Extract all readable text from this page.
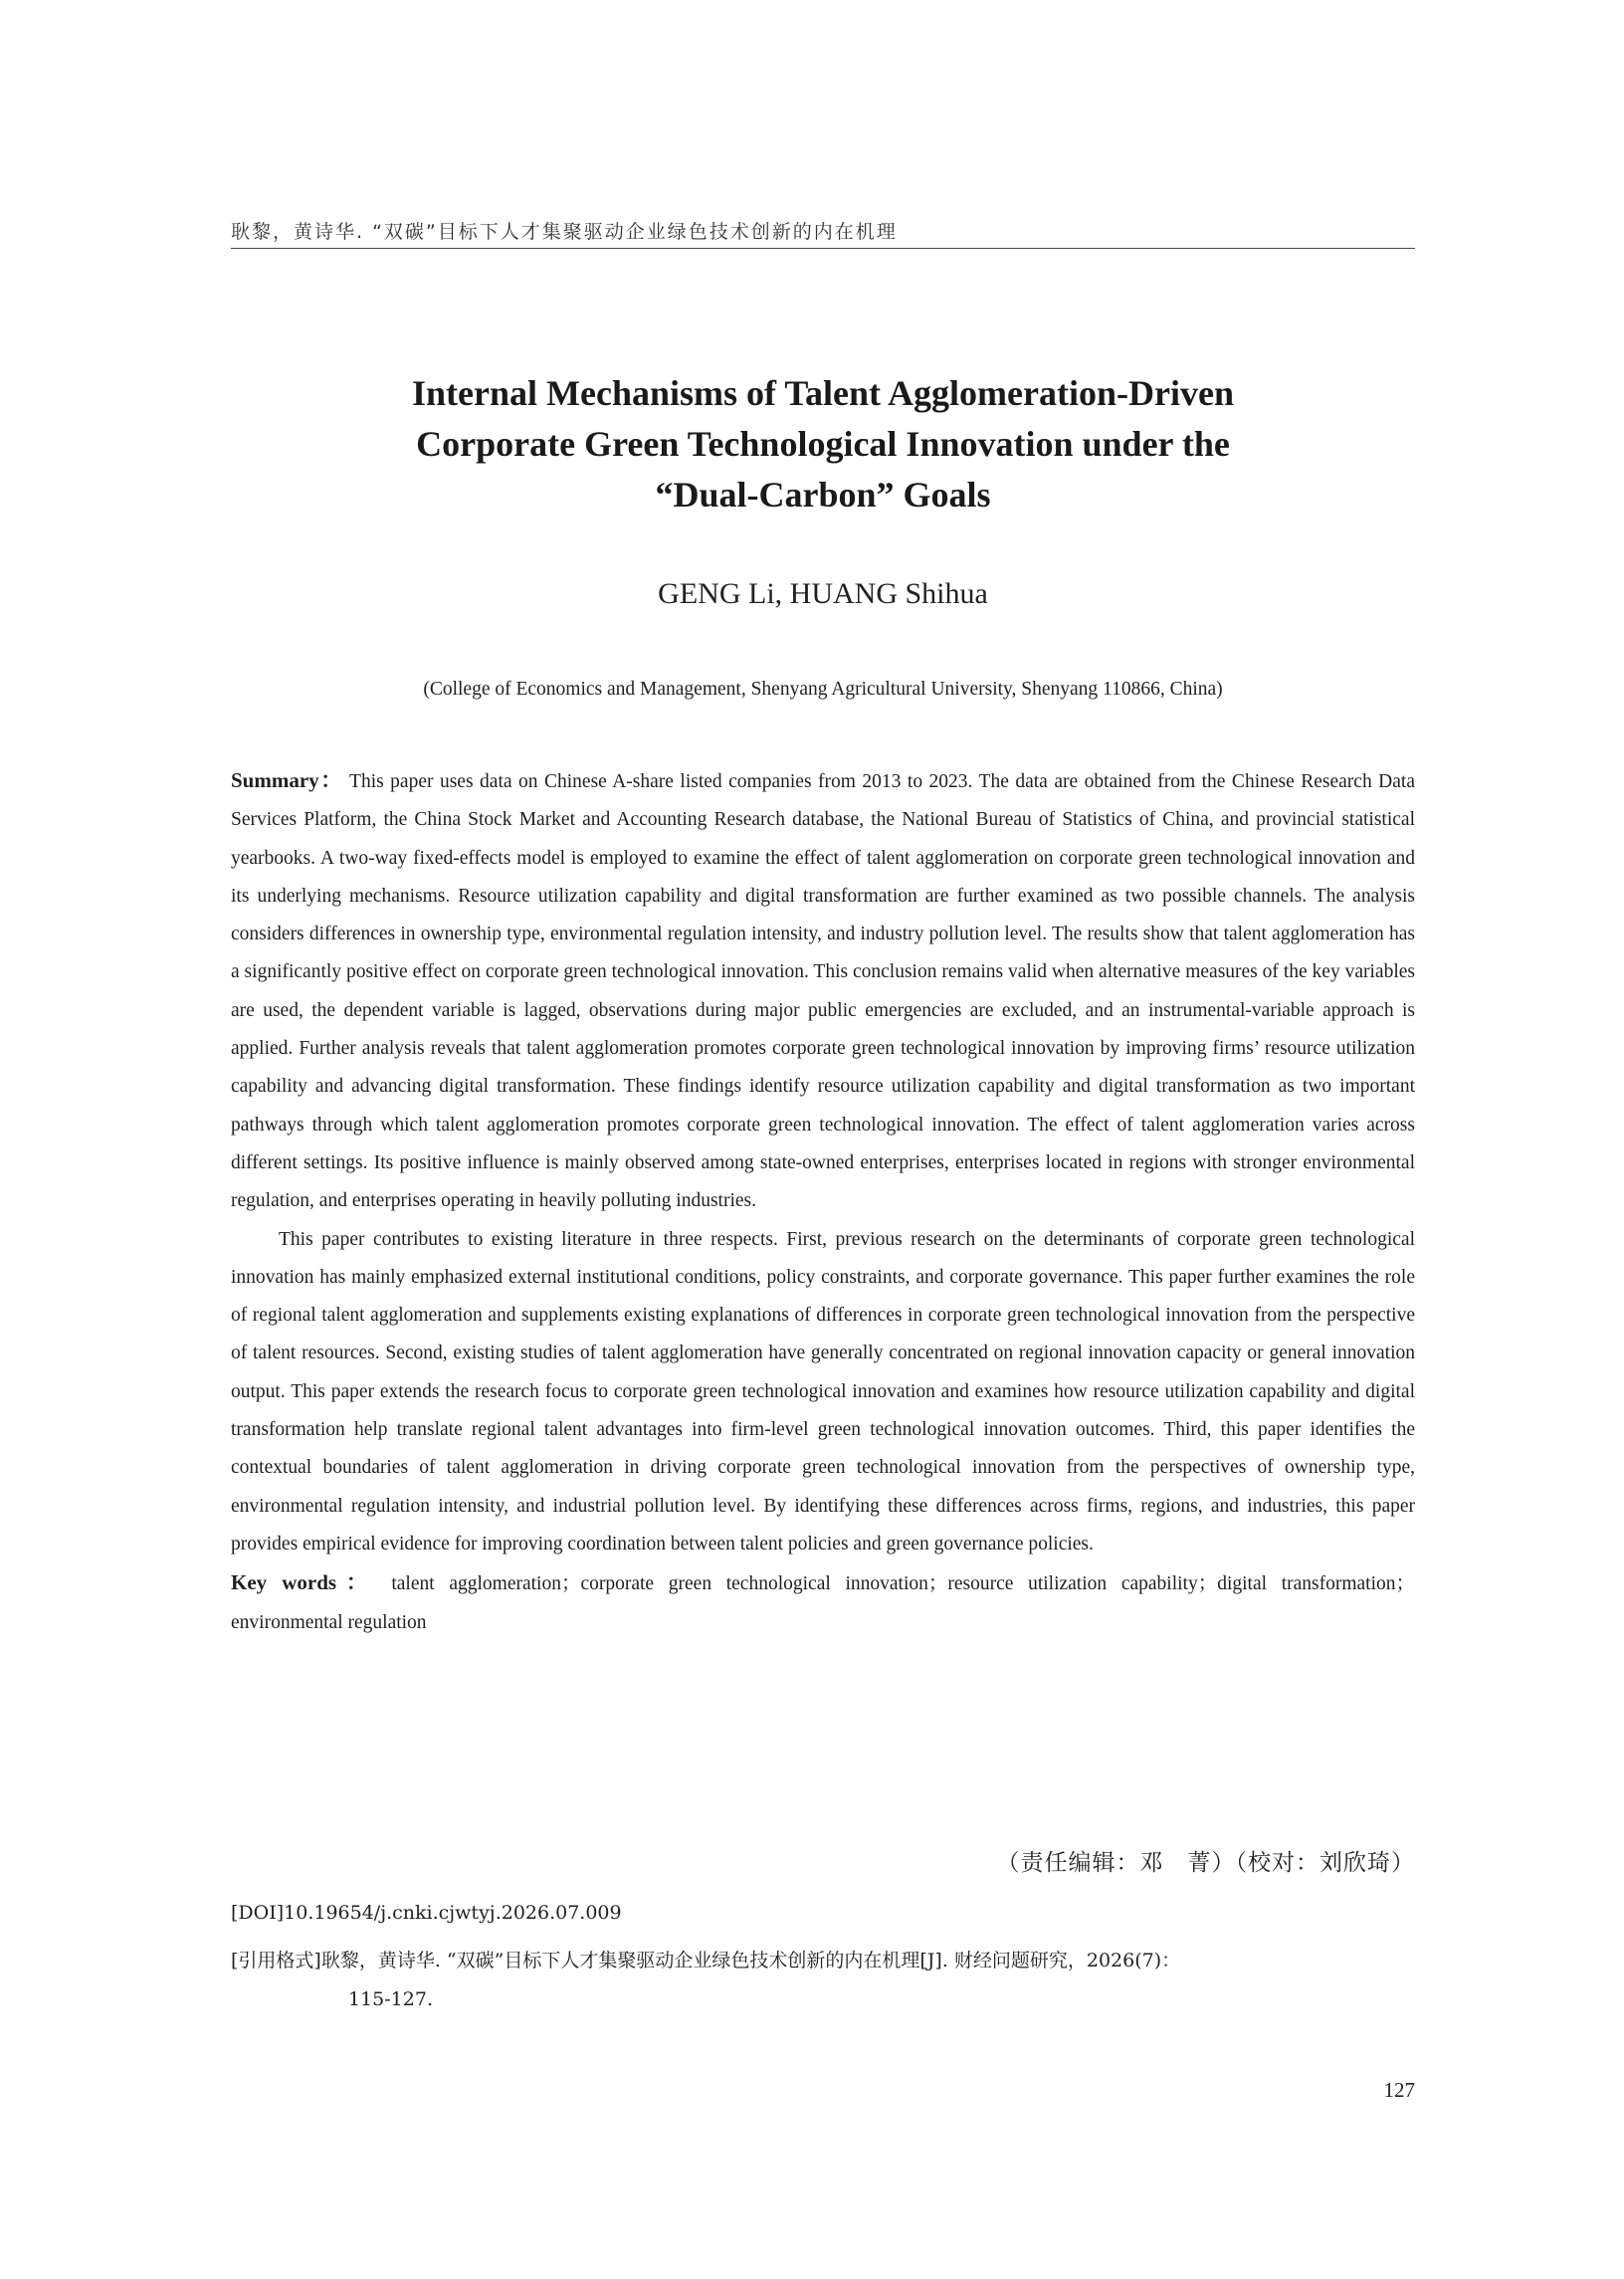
耿黎，黄诗华. “双碳”目标下人才集聚驱动企业绿色技术创新的内在机理
Internal Mechanisms of Talent Agglomeration-Driven
Corporate Green Technological Innovation under the
“Dual-Carbon” Goals
GENG Li, HUANG Shihua
(College of Economics and Management, Shenyang Agricultural University, Shenyang 110866, China)

Summary： This paper uses data on Chinese A-share listed companies from 2013 to 2023. The data are obtained from the Chinese Research Data Services Platform, the China Stock Market and Accounting Research database, the National Bureau of Statistics of China, and provincial statistical yearbooks. A two-way fixed-effects model is employed to examine the effect of talent agglomeration on corporate green technological innovation and its underlying mechanisms. Resource utilization capability and digital transformation are further examined as two possible channels. The analysis considers differences in ownership type, environmental regulation intensity, and industry pollution level. The results show that talent agglomeration has a significantly positive effect on corporate green technological innovation. This conclusion remains valid when alternative measures of the key variables are used, the dependent variable is lagged, observations during major public emergencies are excluded, and an instrumental-variable approach is applied. Further analysis reveals that talent agglomeration promotes corporate green technological innovation by improving firms’ resource utilization capability and advancing digital transformation. These findings identify resource utilization capability and digital transformation as two important pathways through which talent agglomeration promotes corporate green technological innovation. The effect of talent agglomeration varies across different settings. Its positive influence is mainly observed among state-owned enterprises, enterprises located in regions with stronger environmental regulation, and enterprises operating in heavily polluting industries.

This paper contributes to existing literature in three respects. First, previous research on the determinants of corporate green technological innovation has mainly emphasized external institutional conditions, policy constraints, and corporate governance. This paper further examines the role of regional talent agglomeration and supplements existing explanations of differences in corporate green technological innovation from the perspective of talent resources. Second, existing studies of talent agglomeration have generally concentrated on regional innovation capacity or general innovation output. This paper extends the research focus to corporate green technological innovation and examines how resource utilization capability and digital transformation help translate regional talent advantages into firm-level green technological innovation outcomes. Third, this paper identifies the contextual boundaries of talent agglomeration in driving corporate green technological innovation from the perspectives of ownership type, environmental regulation intensity, and industrial pollution level. By identifying these differences across firms, regions, and industries, this paper provides empirical evidence for improving coordination between talent policies and green governance policies.

Key words： talent agglomeration；corporate green technological innovation；resource utilization capability；digital transformation；environmental regulation

（责任编辑：邓　菁）（校对：刘欣琦）
[DOI]10.19654/j.cnki.cjwtyj.2026.07.009
[引用格式]耿黎，黄诗华. “双碳”目标下人才集聚驱动企业绿色技术创新的内在机理[J]. 财经问题研究，2026(7)：
115-127.
127
